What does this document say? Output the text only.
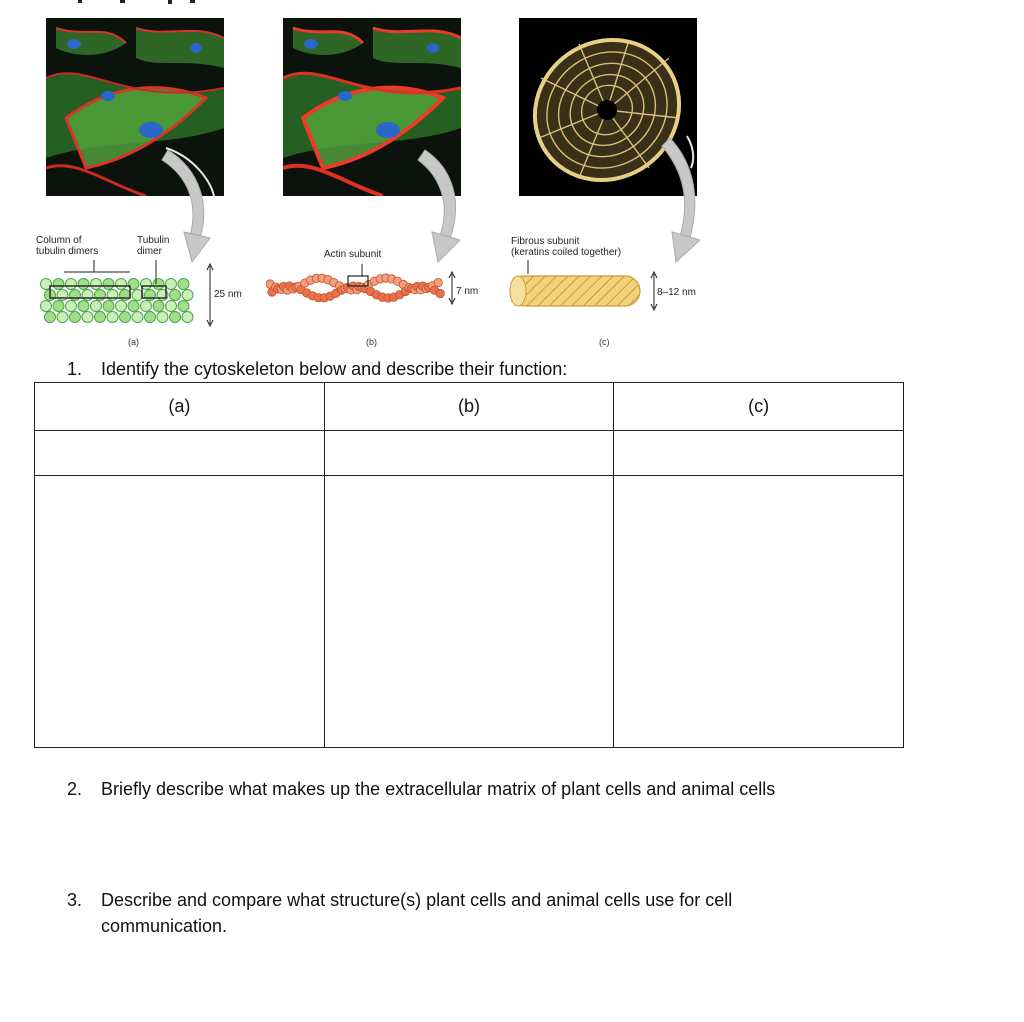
Column of
tubulin dimers
Tubulin
dimer
25 nm
(a)
Actin subunit
7 nm
(b)
Fibrous subunit
(keratins coiled together)
8–12 nm
(c)
1. Identify the cytoskeleton below and describe their function:
(a)	(b)	(c)

2. Briefly describe what makes up the extracellular matrix of plant cells and animal cells
3. Describe and compare what structure(s) plant cells and animal cells use for cell
communication.
